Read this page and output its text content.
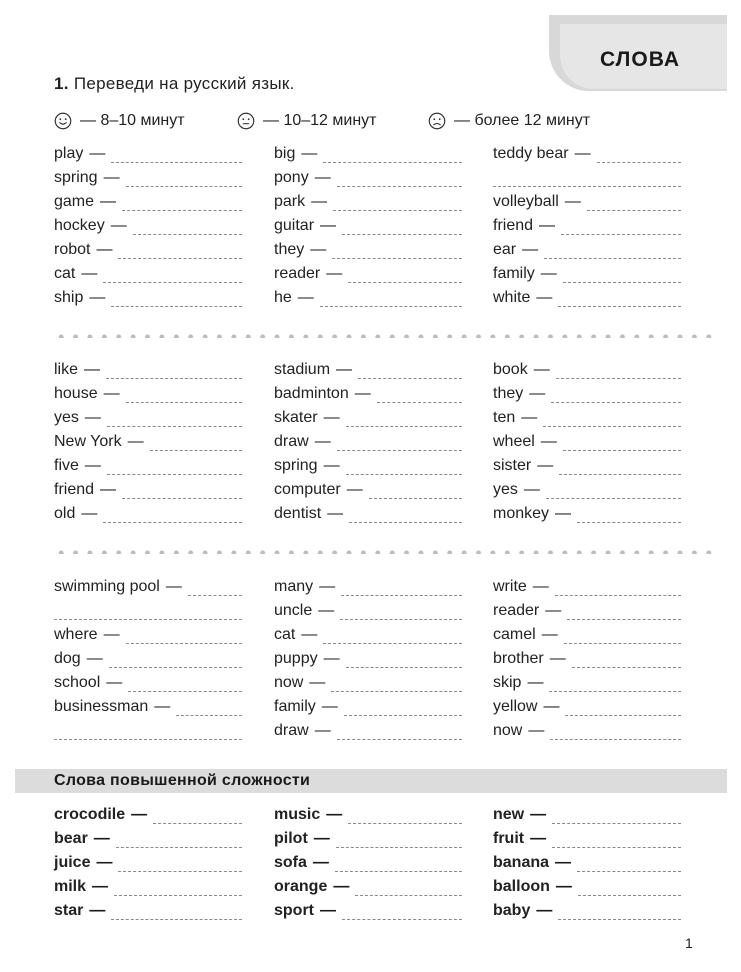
СЛОВА
1. Переведи на русский язык.
— 8–10 минут	— 10–12 минут	— более 12 минут
play —
spring —
game —
hockey —
robot —
cat —
ship —
big —
pony —
park —
guitar —
they —
reader —
he —
teddy bear —
volleyball —
friend —
ear —
family —
white —
like —
house —
yes —
New York —
five —
friend —
old —
stadium —
badminton —
skater —
draw —
spring —
computer —
dentist —
book —
they —
ten —
wheel —
sister —
yes —
monkey —
swimming pool —
where —
dog —
school —
businessman —
many —
uncle —
cat —
puppy —
now —
family —
draw —
write —
reader —
camel —
brother —
skip —
yellow —
now —
Слова повышенной сложности
crocodile —
bear —
juice —
milk —
star —
music —
pilot —
sofa —
orange —
sport —
new —
fruit —
banana —
balloon —
baby —
1
